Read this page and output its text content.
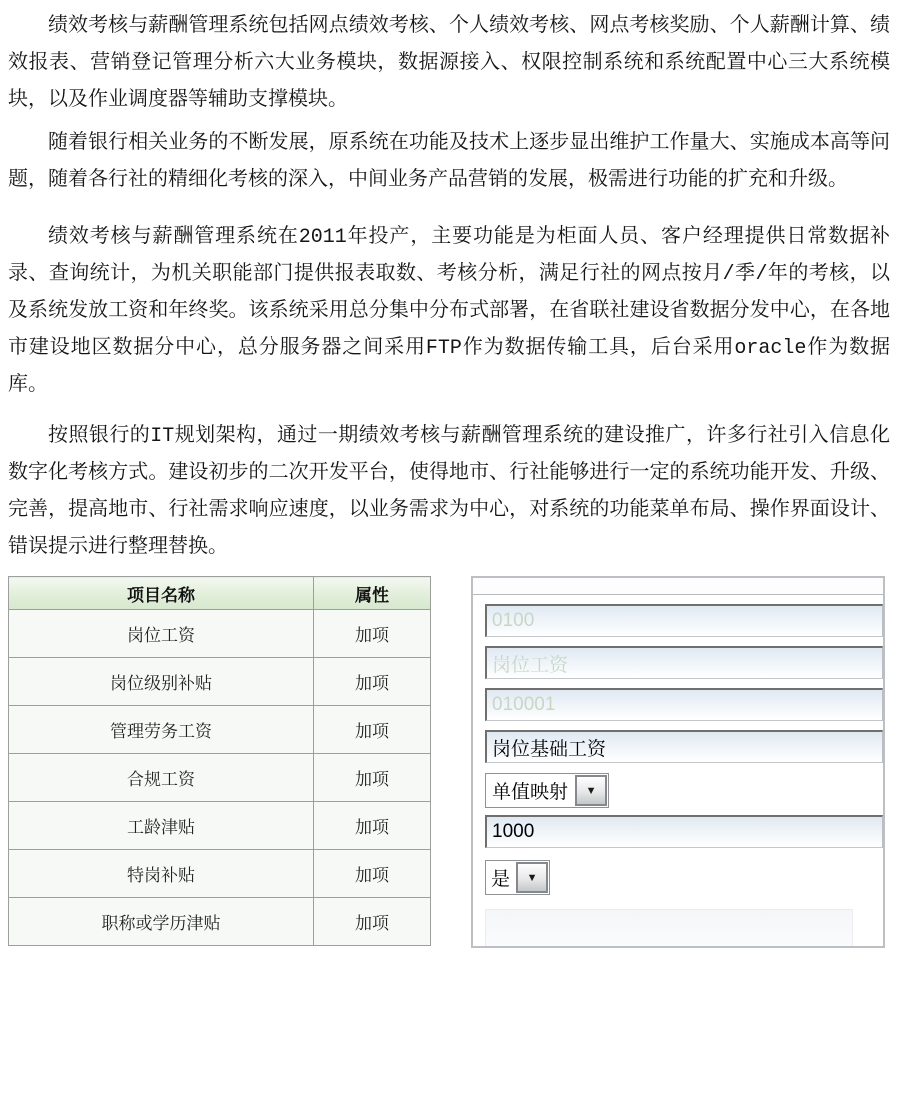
绩效考核与薪酬管理系统包括网点绩效考核、个人绩效考核、网点考核奖励、个人薪酬计算、绩效报表、营销登记管理分析六大业务模块，数据源接入、权限控制系统和系统配置中心三大系统模块，以及作业调度器等辅助支撑模块。

随着银行相关业务的不断发展，原系统在功能及技术上逐步显出维护工作量大、实施成本高等问题，随着各行社的精细化考核的深入，中间业务产品营销的发展，极需进行功能的扩充和升级。

绩效考核与薪酬管理系统在2011年投产，主要功能是为柜面人员、客户经理提供日常数据补录、查询统计，为机关职能部门提供报表取数、考核分析，满足行社的网点按月/季/年的考核，以及系统发放工资和年终奖。该系统采用总分集中分布式部署，在省联社建设省数据分发中心，在各地市建设地区数据分中心，总分服务器之间采用FTP作为数据传输工具，后台采用oracle作为数据库。

按照银行的IT规划架构，通过一期绩效考核与薪酬管理系统的建设推广，许多行社引入信息化数字化考核方式。建设初步的二次开发平台，使得地市、行社能够进行一定的系统功能开发、升级、完善，提高地市、行社需求响应速度，以业务需求为中心，对系统的功能菜单布局、操作界面设计、错误提示进行整理替换。

项目名称	属性
岗位工资	加项
岗位级别补贴	加项
管理劳务工资	加项
合规工资	加项
工龄津贴	加项
特岗补贴	加项
职称或学历津贴	加项
0100
岗位工资
010001
岗位基础工资
单值映射	▼
1000
是	▼
